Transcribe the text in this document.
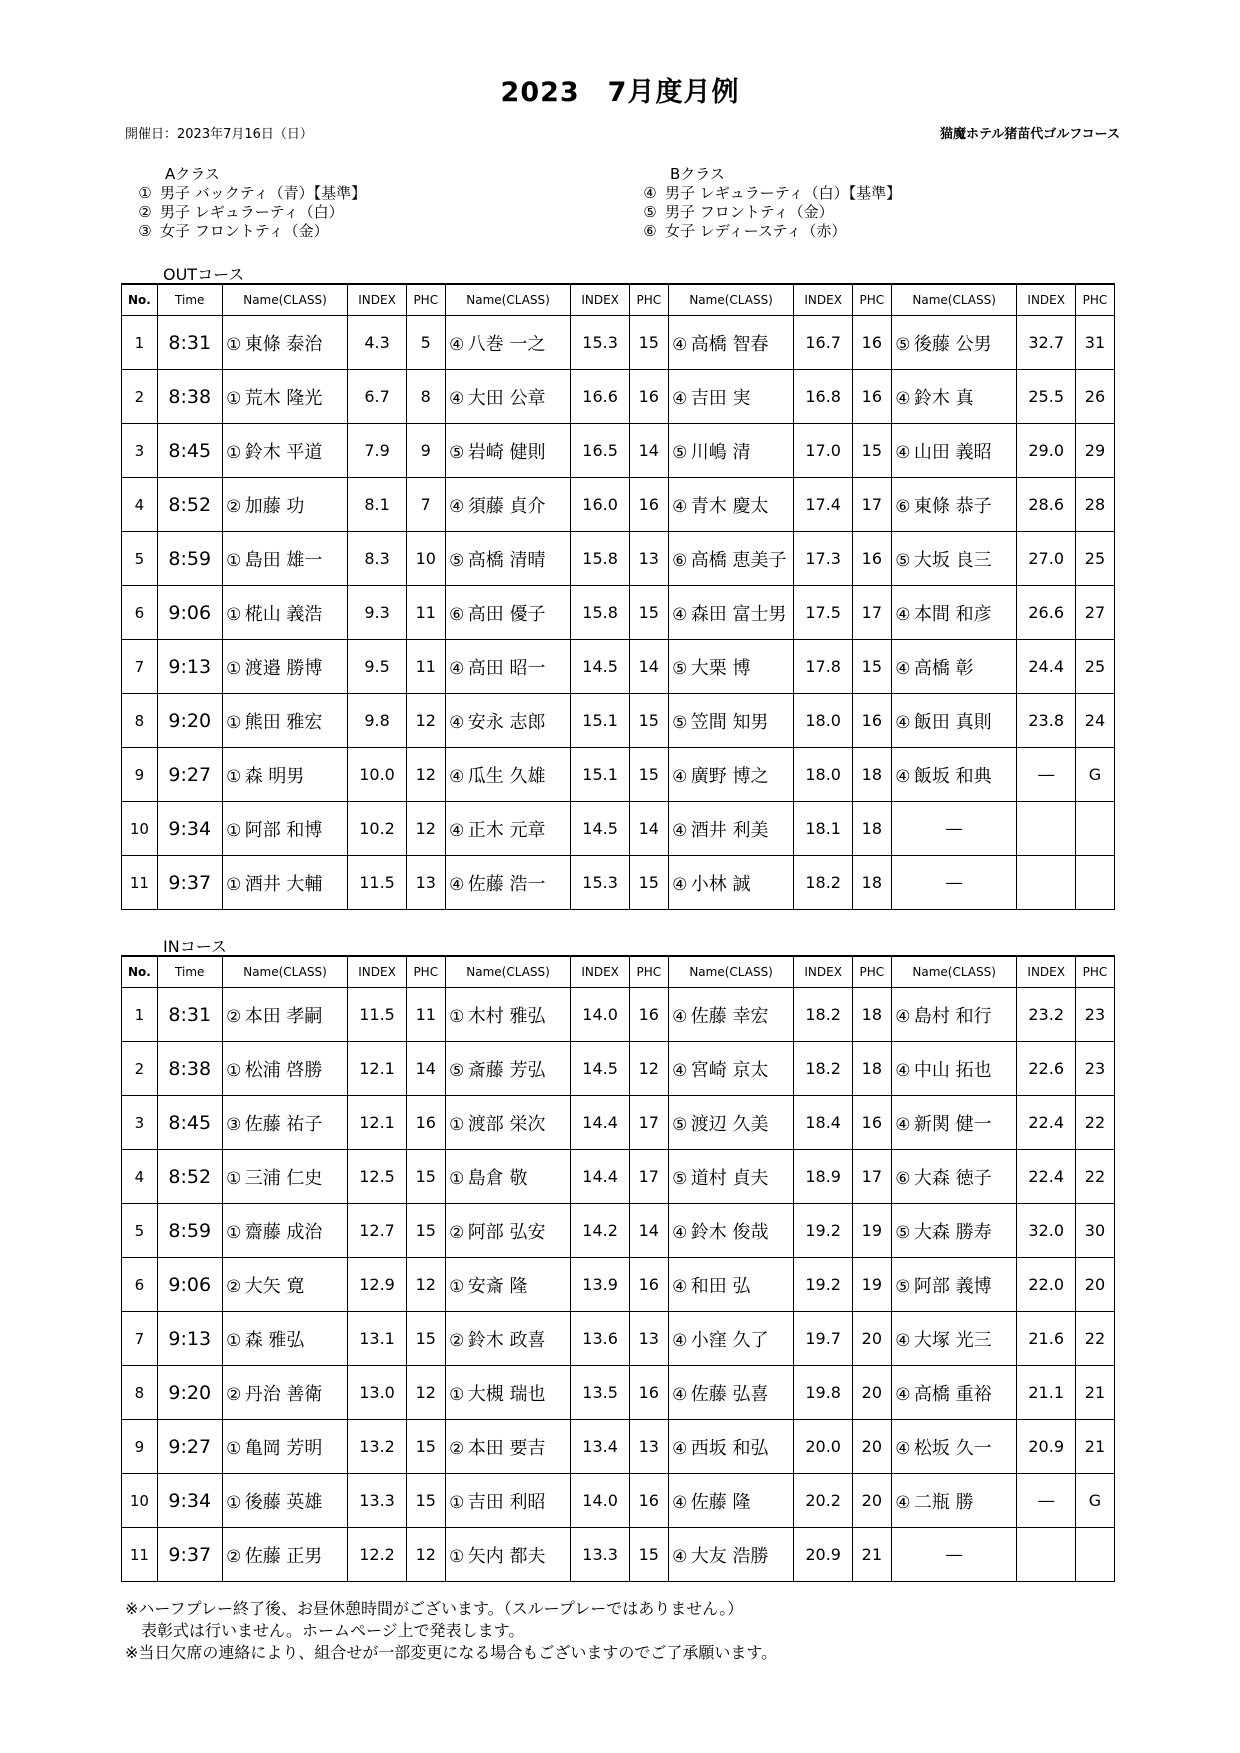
2023　7月度月例
開催日：2023年7月16日（日）	猫魔ホテル猪苗代ゴルフコース
Aクラス
① 男子 バックティ（青）【基準】
② 男子 レギュラーティ（白）
③ 女子 フロントティ（金）
Bクラス
④ 男子 レギュラーティ（白）【基準】
⑤ 男子 フロントティ（金）
⑥ 女子 レディースティ（赤）
OUTコース
No.	Time	Name(CLASS)	INDEX	PHC	Name(CLASS)	INDEX	PHC	Name(CLASS)	INDEX	PHC	Name(CLASS)	INDEX	PHC
1	8:31	① 東條 泰治	4.3	5	④ 八巻 一之	15.3	15	④ 高橋 智春	16.7	16	⑤ 後藤 公男	32.7	31
2	8:38	① 荒木 隆光	6.7	8	④ 大田 公章	16.6	16	④ 吉田 実	16.8	16	④ 鈴木 真	25.5	26
3	8:45	① 鈴木 平道	7.9	9	⑤ 岩崎 健則	16.5	14	⑤ 川嶋 清	17.0	15	④ 山田 義昭	29.0	29
4	8:52	② 加藤 功	8.1	7	④ 須藤 貞介	16.0	16	④ 青木 慶太	17.4	17	⑥ 東條 恭子	28.6	28
5	8:59	① 島田 雄一	8.3	10	⑤ 高橋 清晴	15.8	13	⑥ 高橋 恵美子	17.3	16	⑤ 大坂 良三	27.0	25
6	9:06	① 椛山 義浩	9.3	11	⑥ 高田 優子	15.8	15	④ 森田 富士男	17.5	17	④ 本間 和彦	26.6	27
7	9:13	① 渡邉 勝博	9.5	11	④ 高田 昭一	14.5	14	⑤ 大栗 博	17.8	15	④ 高橋 彰	24.4	25
8	9:20	① 熊田 雅宏	9.8	12	④ 安永 志郎	15.1	15	⑤ 笠間 知男	18.0	16	④ 飯田 真則	23.8	24
9	9:27	① 森 明男	10.0	12	④ 瓜生 久雄	15.1	15	④ 廣野 博之	18.0	18	④ 飯坂 和典	―	G
10	9:34	① 阿部 和博	10.2	12	④ 正木 元章	14.5	14	④ 酒井 利美	18.1	18	―		
11	9:37	① 酒井 大輔	11.5	13	④ 佐藤 浩一	15.3	15	④ 小林 誠	18.2	18	―		
INコース
No.	Time	Name(CLASS)	INDEX	PHC	Name(CLASS)	INDEX	PHC	Name(CLASS)	INDEX	PHC	Name(CLASS)	INDEX	PHC
1	8:31	② 本田 孝嗣	11.5	11	① 木村 雅弘	14.0	16	④ 佐藤 幸宏	18.2	18	④ 島村 和行	23.2	23
2	8:38	① 松浦 啓勝	12.1	14	⑤ 斎藤 芳弘	14.5	12	④ 宮崎 京太	18.2	18	④ 中山 拓也	22.6	23
3	8:45	③ 佐藤 祐子	12.1	16	① 渡部 栄次	14.4	17	⑤ 渡辺 久美	18.4	16	④ 新関 健一	22.4	22
4	8:52	① 三浦 仁史	12.5	15	① 島倉 敬	14.4	17	⑤ 道村 貞夫	18.9	17	⑥ 大森 徳子	22.4	22
5	8:59	① 齋藤 成治	12.7	15	② 阿部 弘安	14.2	14	④ 鈴木 俊哉	19.2	19	⑤ 大森 勝寿	32.0	30
6	9:06	② 大矢 寛	12.9	12	① 安斎 隆	13.9	16	④ 和田 弘	19.2	19	⑤ 阿部 義博	22.0	20
7	9:13	① 森 雅弘	13.1	15	② 鈴木 政喜	13.6	13	④ 小窪 久了	19.7	20	④ 大塚 光三	21.6	22
8	9:20	② 丹治 善衛	13.0	12	① 大槻 瑞也	13.5	16	④ 佐藤 弘喜	19.8	20	④ 高橋 重裕	21.1	21
9	9:27	① 亀岡 芳明	13.2	15	② 本田 要吉	13.4	13	④ 西坂 和弘	20.0	20	④ 松坂 久一	20.9	21
10	9:34	① 後藤 英雄	13.3	15	① 吉田 利昭	14.0	16	④ 佐藤 隆	20.2	20	④ 二瓶 勝	―	G
11	9:37	② 佐藤 正男	12.2	12	① 矢内 都夫	13.3	15	④ 大友 浩勝	20.9	21	―		
※ハーフプレー終了後、お昼休憩時間がございます。（スループレーではありません。）
　表彰式は行いません。ホームページ上で発表します。
※当日欠席の連絡により、組合せが一部変更になる場合もございますのでご了承願います。
